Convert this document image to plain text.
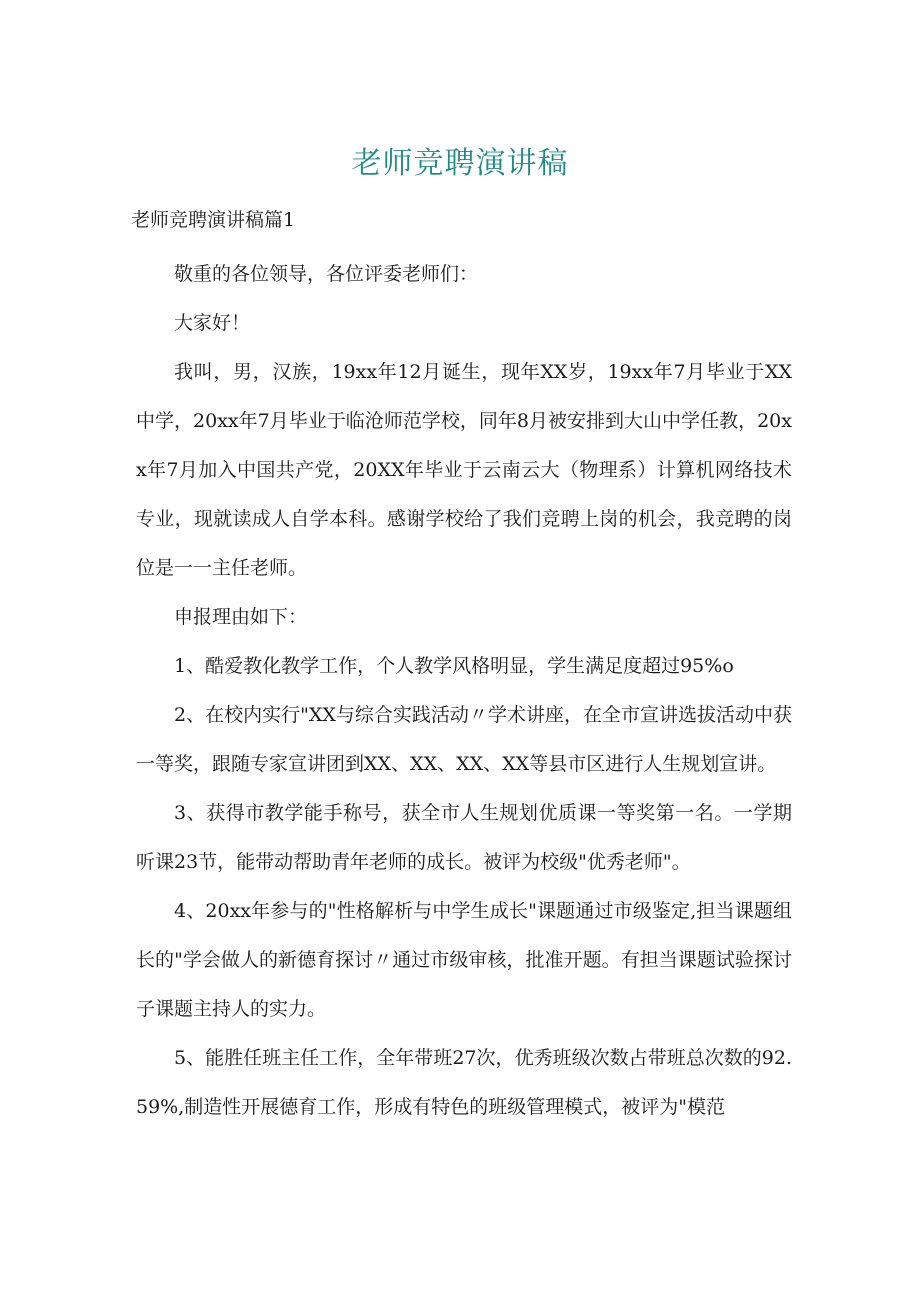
老师竞聘演讲稿
老师竞聘演讲稿篇1

敬重的各位领导，各位评委老师们：

大家好！

我叫，男，汉族，19xx年12月诞生，现年XX岁，19xx年7月毕业于XX中学，20xx年7月毕业于临沧师范学校，同年8月被安排到大山中学任教，20xx年7月加入中国共产党，20XX年毕业于云南云大（物理系）计算机网络技术专业，现就读成人自学本科。感谢学校给了我们竞聘上岗的机会，我竞聘的岗位是一一主任老师。

申报理由如下：

1、酷爱教化教学工作，个人教学风格明显，学生满足度超过95%o

2、在校内实行"XX与综合实践活动〃学术讲座，在全市宣讲选拔活动中获一等奖，跟随专家宣讲团到XX、XX、XX、XX等县市区进行人生规划宣讲。

3、获得市教学能手称号，获全市人生规划优质课一等奖第一名。一学期听课23节，能带动帮助青年老师的成长。被评为校级"优秀老师"。

4、20xx年参与的"性格解析与中学生成长"课题通过市级鉴定,担当课题组长的"学会做人的新德育探讨〃通过市级审核，批准开题。有担当课题试验探讨子课题主持人的实力。

5、能胜任班主任工作，全年带班27次，优秀班级次数占带班总次数的92.59%,制造性开展德育工作，形成有特色的班级管理模式，被评为"模范
